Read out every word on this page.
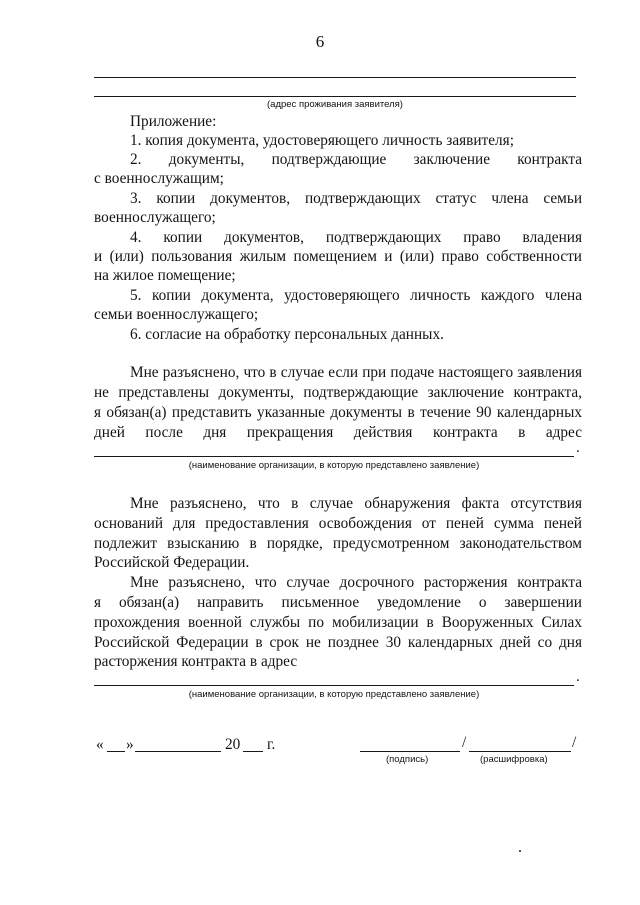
6
(адрес проживания заявителя)
Приложение:
1. копия документа, удостоверяющего личность заявителя;
2. документы, подтверждающие заключение контракта
с военнослужащим;
3. копии документов, подтверждающих статус члена семьи
военнослужащего;
4. копии документов, подтверждающих право владения
и (или) пользования жилым помещением и (или) право собственности
на жилое помещение;
5. копии документа, удостоверяющего личность каждого члена
семьи военнослужащего;
6. согласие на обработку персональных данных.
Мне разъяснено, что в случае если при подаче настоящего заявления
не представлены документы, подтверждающие заключение контракта,
я обязан(а) представить указанные документы в течение 90 календарных
дней после дня прекращения действия контракта в адрес
.
(наименование организации, в которую представлено заявление)
Мне разъяснено, что в случае обнаружения факта отсутствия
оснований для предоставления освобождения от пеней сумма пеней
подлежит взысканию в порядке, предусмотренном законодательством
Российской Федерации.
Мне разъяснено, что случае досрочного расторжения контракта
я обязан(а) направить письменное уведомление о завершении
прохождения военной службы по мобилизации в Вооруженных Силах
Российской Федерации в срок не позднее 30 календарных дней со дня
расторжения контракта в адрес
.
(наименование организации, в которую представлено заявление)
« »	20 г.	/	/
(подпись)	(расшифровка)
